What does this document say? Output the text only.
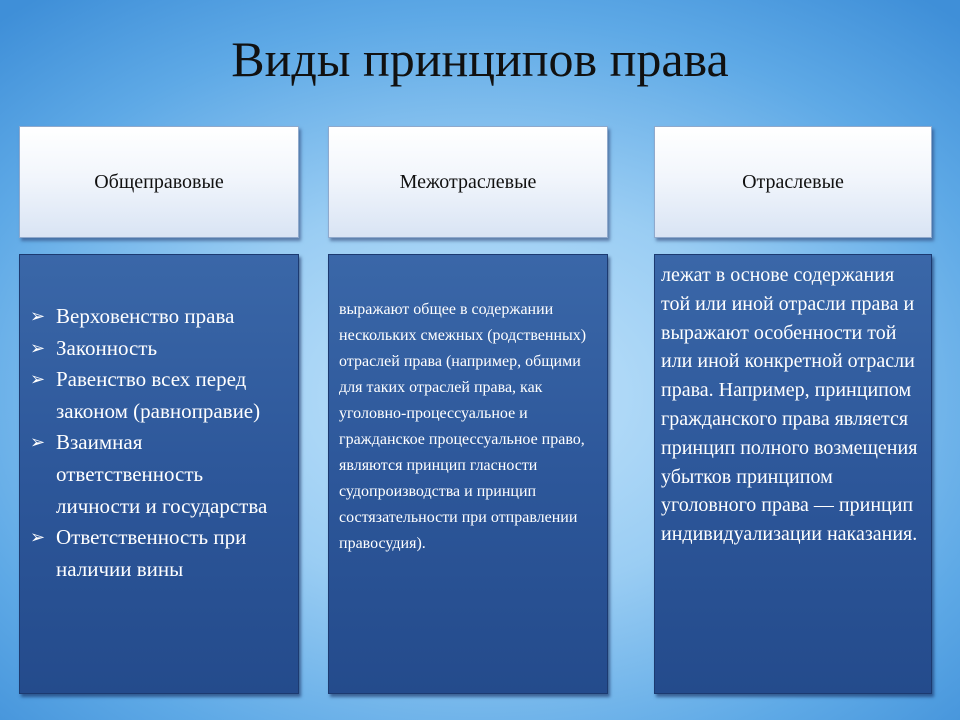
Виды принципов права
Общеправовые	Межотраслевые	Отраслевые
➢ Верховенство права
➢ Законность
➢ Равенство всех перед законом (равноправие)
➢ Взаимная ответственность личности и государства
➢ Ответственность при наличии вины
выражают общее в содержании нескольких смежных (родственных) отраслей права (например, общими для таких отраслей права, как уголовно-процессуальное и гражданское процессуальное право, являются принцип гласности судопроизводства и принцип состязательности при отправлении правосудия).
лежат в основе содержания той или иной отрасли права и выражают особенности той или иной конкретной отрасли права. Например, принципом гражданского права является принцип полного возмещения убытков принципом уголовного права — принцип индивидуализации наказания.
